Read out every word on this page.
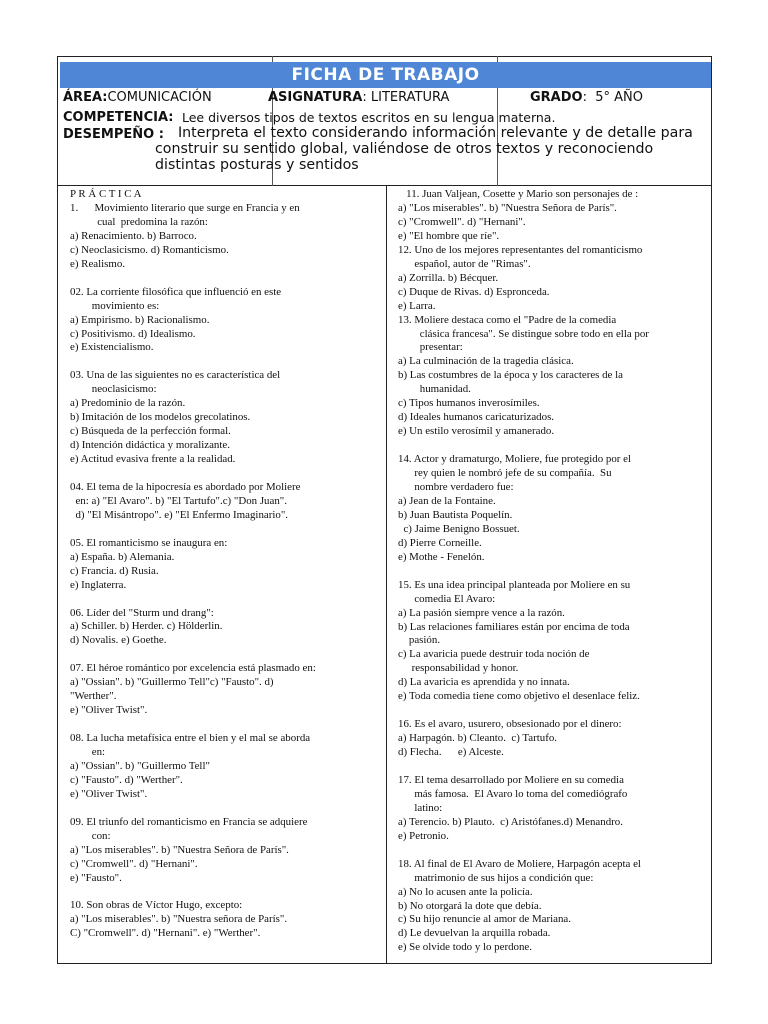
FICHA DE TRABAJO
ÁREA:COMUNICACIÓN	ASIGNATURA: LITERATURA	GRADO: 5° AÑO
COMPETENCIA: Lee diversos tipos de textos escritos en su lengua materna.
DESEMPEÑO : Interpreta el texto considerando información relevante y de detalle para
construir su sentido global, valiéndose de otros textos y reconociendo
distintas posturas y sentidos
P R Á C T I C A
1.      Movimiento literario que surge en Francia y en
cual  predomina la razón:
a) Renacimiento. b) Barroco.
c) Neoclasicismo. d) Romanticismo.
e) Realismo.
02. La corriente filosófica que influenció en este
movimiento es:
a) Empirismo. b) Racionalismo.
c) Positivismo. d) Idealismo.
e) Existencialismo.
03. Una de las siguientes no es característica del
neoclasicismo:
a) Predominio de la razón.
b) Imitación de los modelos grecolatinos.
c) Búsqueda de la perfección formal.
d) Intención didáctica y moralizante.
e) Actitud evasiva frente a la realidad.
04. El tema de la hipocresía es abordado por Moliere
en: a) "El Avaro". b) "El Tartufo".c) "Don Juan".
d) "El Misántropo". e) "El Enfermo Imaginario".
05. El romanticismo se inaugura en:
a) España. b) Alemania.
c) Francia. d) Rusia.
e) Inglaterra.
06. Líder del "Sturm und drang":
a) Schiller. b) Herder. c) Hölderlin.
d) Novalis. e) Goethe.
07. El héroe romántico por excelencia está plasmado en:
a) "Ossian". b) "Guillermo Tell"c) "Fausto". d)
"Werther".
e) "Oliver Twist".
08. La lucha metafísica entre el bien y el mal se aborda
en:
a) "Ossian". b) "Guillermo Tell"
c) "Fausto". d) "Werther".
e) "Oliver Twist".
09. El triunfo del romanticismo en Francia se adquiere
con:
a) "Los miserables". b) "Nuestra Señora de París".
c) "Cromwell". d) "Hernani".
e) "Fausto".
10. Son obras de Víctor Hugo, excepto:
a) "Los miserables". b) "Nuestra señora de París".
C) "Cromwell". d) "Hernani". e) "Werther".
11. Juan Valjean, Cosette y Mario son personajes de :
a) "Los miserables". b) "Nuestra Señora de París".
c) "Cromwell". d) "Hernani".
e) "El hombre que ríe".
12. Uno de los mejores representantes del romanticismo
español, autor de "Rimas".
a) Zorrilla. b) Bécquer.
c) Duque de Rivas. d) Espronceda.
e) Larra.
13. Moliere destaca como el "Padre de la comedia
clásica francesa". Se distingue sobre todo en ella por
presentar:
a) La culminación de la tragedia clásica.
b) Las costumbres de la época y los caracteres de la
humanidad.
c) Tipos humanos inverosímiles.
d) Ideales humanos caricaturizados.
e) Un estilo verosímil y amanerado.
14. Actor y dramaturgo, Moliere, fue protegido por el
rey quien le nombró jefe de su compañía.  Su
nombre verdadero fue:
a) Jean de la Fontaine.
b) Juan Bautista Poquelín.
c) Jaime Benigno Bossuet.
d) Pierre Corneille.
e) Mothe - Fenelón.
15. Es una idea principal planteada por Moliere en su
comedia El Avaro:
a) La pasión siempre vence a la razón.
b) Las relaciones familiares están por encima de toda
pasión.
c) La avaricia puede destruir toda noción de
responsabilidad y honor.
d) La avaricia es aprendida y no innata.
e) Toda comedia tiene como objetivo el desenlace feliz.
16. Es el avaro, usurero, obsesionado por el dinero:
a) Harpagón. b) Cleanto.  c) Tartufo.
d) Flecha.      e) Alceste.
17. El tema desarrollado por Moliere en su comedia
más famosa.  El Avaro lo toma del comediógrafo
latino:
a) Terencio. b) Plauto.  c) Aristófanes.d) Menandro.
e) Petronio.
18. Al final de El Avaro de Moliere, Harpagón acepta el
matrimonio de sus hijos a condición que:
a) No lo acusen ante la policía.
b) No otorgará la dote que debía.
c) Su hijo renuncie al amor de Mariana.
d) Le devuelvan la arquilla robada.
e) Se olvide todo y lo perdone.
